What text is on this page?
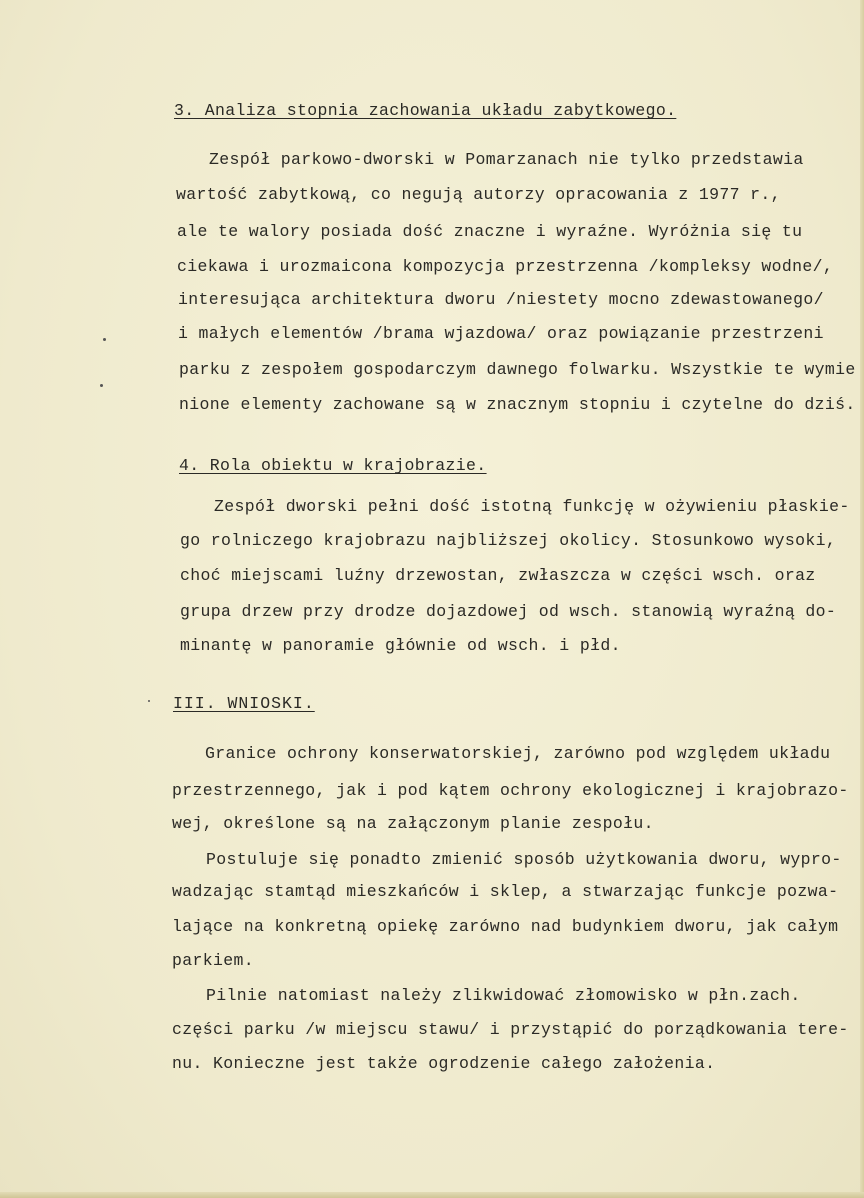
3. Analiza stopnia zachowania układu zabytkowego.
Zespół parkowo-dworski w Pomarzanach nie tylko przedstawia
wartość zabytkową, co negują autorzy opracowania z 1977 r.,
ale te walory posiada dość znaczne i wyraźne. Wyróżnia się tu
ciekawa i urozmaicona kompozycja przestrzenna /kompleksy wodne/,
interesująca architektura dworu /niestety mocno zdewastowanego/
i małych elementów /brama wjazdowa/ oraz powiązanie przestrzeni
parku z zespołem gospodarczym dawnego folwarku. Wszystkie te wymie
nione elementy zachowane są w znacznym stopniu i czytelne do dziś.
4. Rola obiektu w krajobrazie.
Zespół dworski pełni dość istotną funkcję w ożywieniu płaskie-
go rolniczego krajobrazu najbliższej okolicy. Stosunkowo wysoki,
choć miejscami luźny drzewostan, zwłaszcza w części wsch. oraz
grupa drzew przy drodze dojazdowej od wsch. stanowią wyraźną do-
minantę w panoramie głównie od wsch. i płd.
III. WNIOSKI.
Granice ochrony konserwatorskiej, zarówno pod względem układu
przestrzennego, jak i pod kątem ochrony ekologicznej i krajobrazo-
wej, określone są na załączonym planie zespołu.
Postuluje się ponadto zmienić sposób użytkowania dworu, wypro-
wadzając stamtąd mieszkańców i sklep, a stwarzając funkcje pozwa-
lające na konkretną opiekę zarówno nad budynkiem dworu, jak całym
parkiem.
Pilnie natomiast należy zlikwidować złomowisko w płn.zach.
części parku /w miejscu stawu/ i przystąpić do porządkowania tere-
nu. Konieczne jest także ogrodzenie całego założenia.
